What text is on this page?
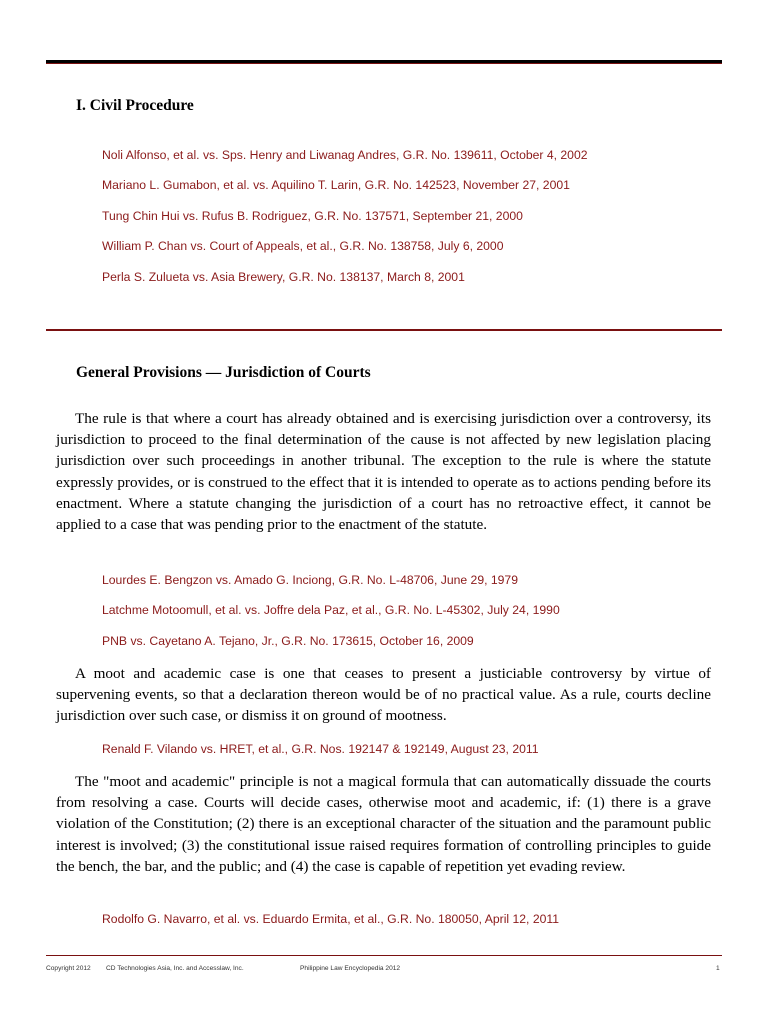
I. Civil Procedure
Noli Alfonso, et al. vs. Sps. Henry and Liwanag Andres, G.R. No. 139611, October 4, 2002
Mariano L. Gumabon, et al. vs. Aquilino T. Larin, G.R. No. 142523, November 27, 2001
Tung Chin Hui vs. Rufus B. Rodriguez, G.R. No. 137571, September 21, 2000
William P. Chan vs. Court of Appeals, et al., G.R. No. 138758, July 6, 2000
Perla S. Zulueta vs. Asia Brewery, G.R. No. 138137, March 8, 2001
General Provisions — Jurisdiction of Courts

The rule is that where a court has already obtained and is exercising jurisdiction over a controversy, its jurisdiction to proceed to the final determination of the cause is not affected by new legislation placing jurisdiction over such proceedings in another tribunal. The exception to the rule is where the statute expressly provides, or is construed to the effect that it is intended to operate as to actions pending before its enactment. Where a statute changing the jurisdiction of a court has no retroactive effect, it cannot be applied to a case that was pending prior to the enactment of the statute.

Lourdes E. Bengzon vs. Amado G. Inciong, G.R. No. L-48706, June 29, 1979
Latchme Motoomull, et al. vs. Joffre dela Paz, et al., G.R. No. L-45302, July 24, 1990
PNB vs. Cayetano A. Tejano, Jr., G.R. No. 173615, October 16, 2009

A moot and academic case is one that ceases to present a justiciable controversy by virtue of supervening events, so that a declaration thereon would be of no practical value. As a rule, courts decline jurisdiction over such case, or dismiss it on ground of mootness.

Renald F. Vilando vs. HRET, et al., G.R. Nos. 192147 & 192149, August 23, 2011

The "moot and academic" principle is not a magical formula that can automatically dissuade the courts from resolving a case. Courts will decide cases, otherwise moot and academic, if: (1) there is a grave violation of the Constitution; (2) there is an exceptional character of the situation and the paramount public interest is involved; (3) the constitutional issue raised requires formation of controlling principles to guide the bench, the bar, and the public; and (4) the case is capable of repetition yet evading review.

Rodolfo G. Navarro, et al. vs. Eduardo Ermita, et al., G.R. No. 180050, April 12, 2011
Copyright 2012 CD Technologies Asia, Inc. and Accesslaw, Inc.	Philippine Law Encyclopedia 2012	1
